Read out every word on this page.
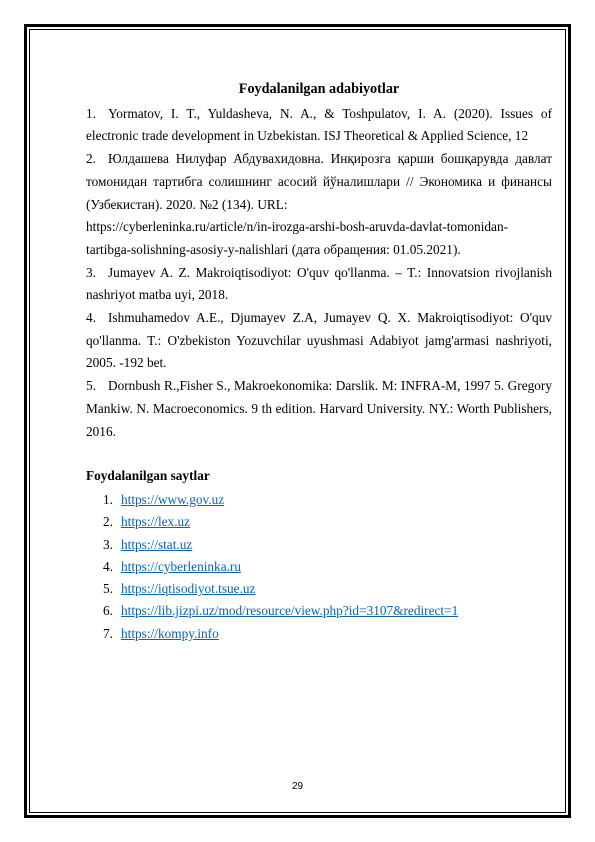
Foydalanilgan adabiyotlar

1. Yormatov, I. T., Yuldasheva, N. A., & Toshpulatov, I. A. (2020). Issues of electronic trade development in Uzbekistan. ISJ Theoretical & Applied Science, 12

2. Юлдашева Нилуфар Абдувахидовна. Инқирозга қарши бошқарувда давлат томонидан тартибга солишнинг асосий йўналишлари // Экономика и финансы (Узбекистан). 2020. №2 (134). URL:

https://cyberleninka.ru/article/n/in-irozga-arshi-bosh-aruvda-davlat-tomonidan-

tartibga-solishning-asosiy-y-nalishlari (дата обращения: 01.05.2021).

3. Jumayev A. Z. Makroiqtisodiyot: O'quv qo'llanma. – T.: Innovatsion rivojlanish nashriyot matba uyi, 2018.

4. Ishmuhamedov A.E., Djumayev Z.A, Jumayev Q. X. Makroiqtisodiyot: O'quv qo'llanma. T.: O'zbekiston Yozuvchilar uyushmasi Adabiyot jamg'armasi nashriyoti, 2005. -192 bet.

5. Dornbush R.,Fisher S., Makroekonomika: Darslik. M: INFRA-M, 1997 5. Gregory Mankiw. N. Macroeconomics. 9 th edition. Harvard University. NY.: Worth Publishers, 2016.

Foydalanilgan saytlar

1. https://www.gov.uz
2. https://lex.uz
3. https://stat.uz
4. https://cyberleninka.ru
5. https://iqtisodiyot.tsue.uz
6. https://lib.jizpi.uz/mod/resource/view.php?id=3107&redirect=1
7. https://kompy.info
29
